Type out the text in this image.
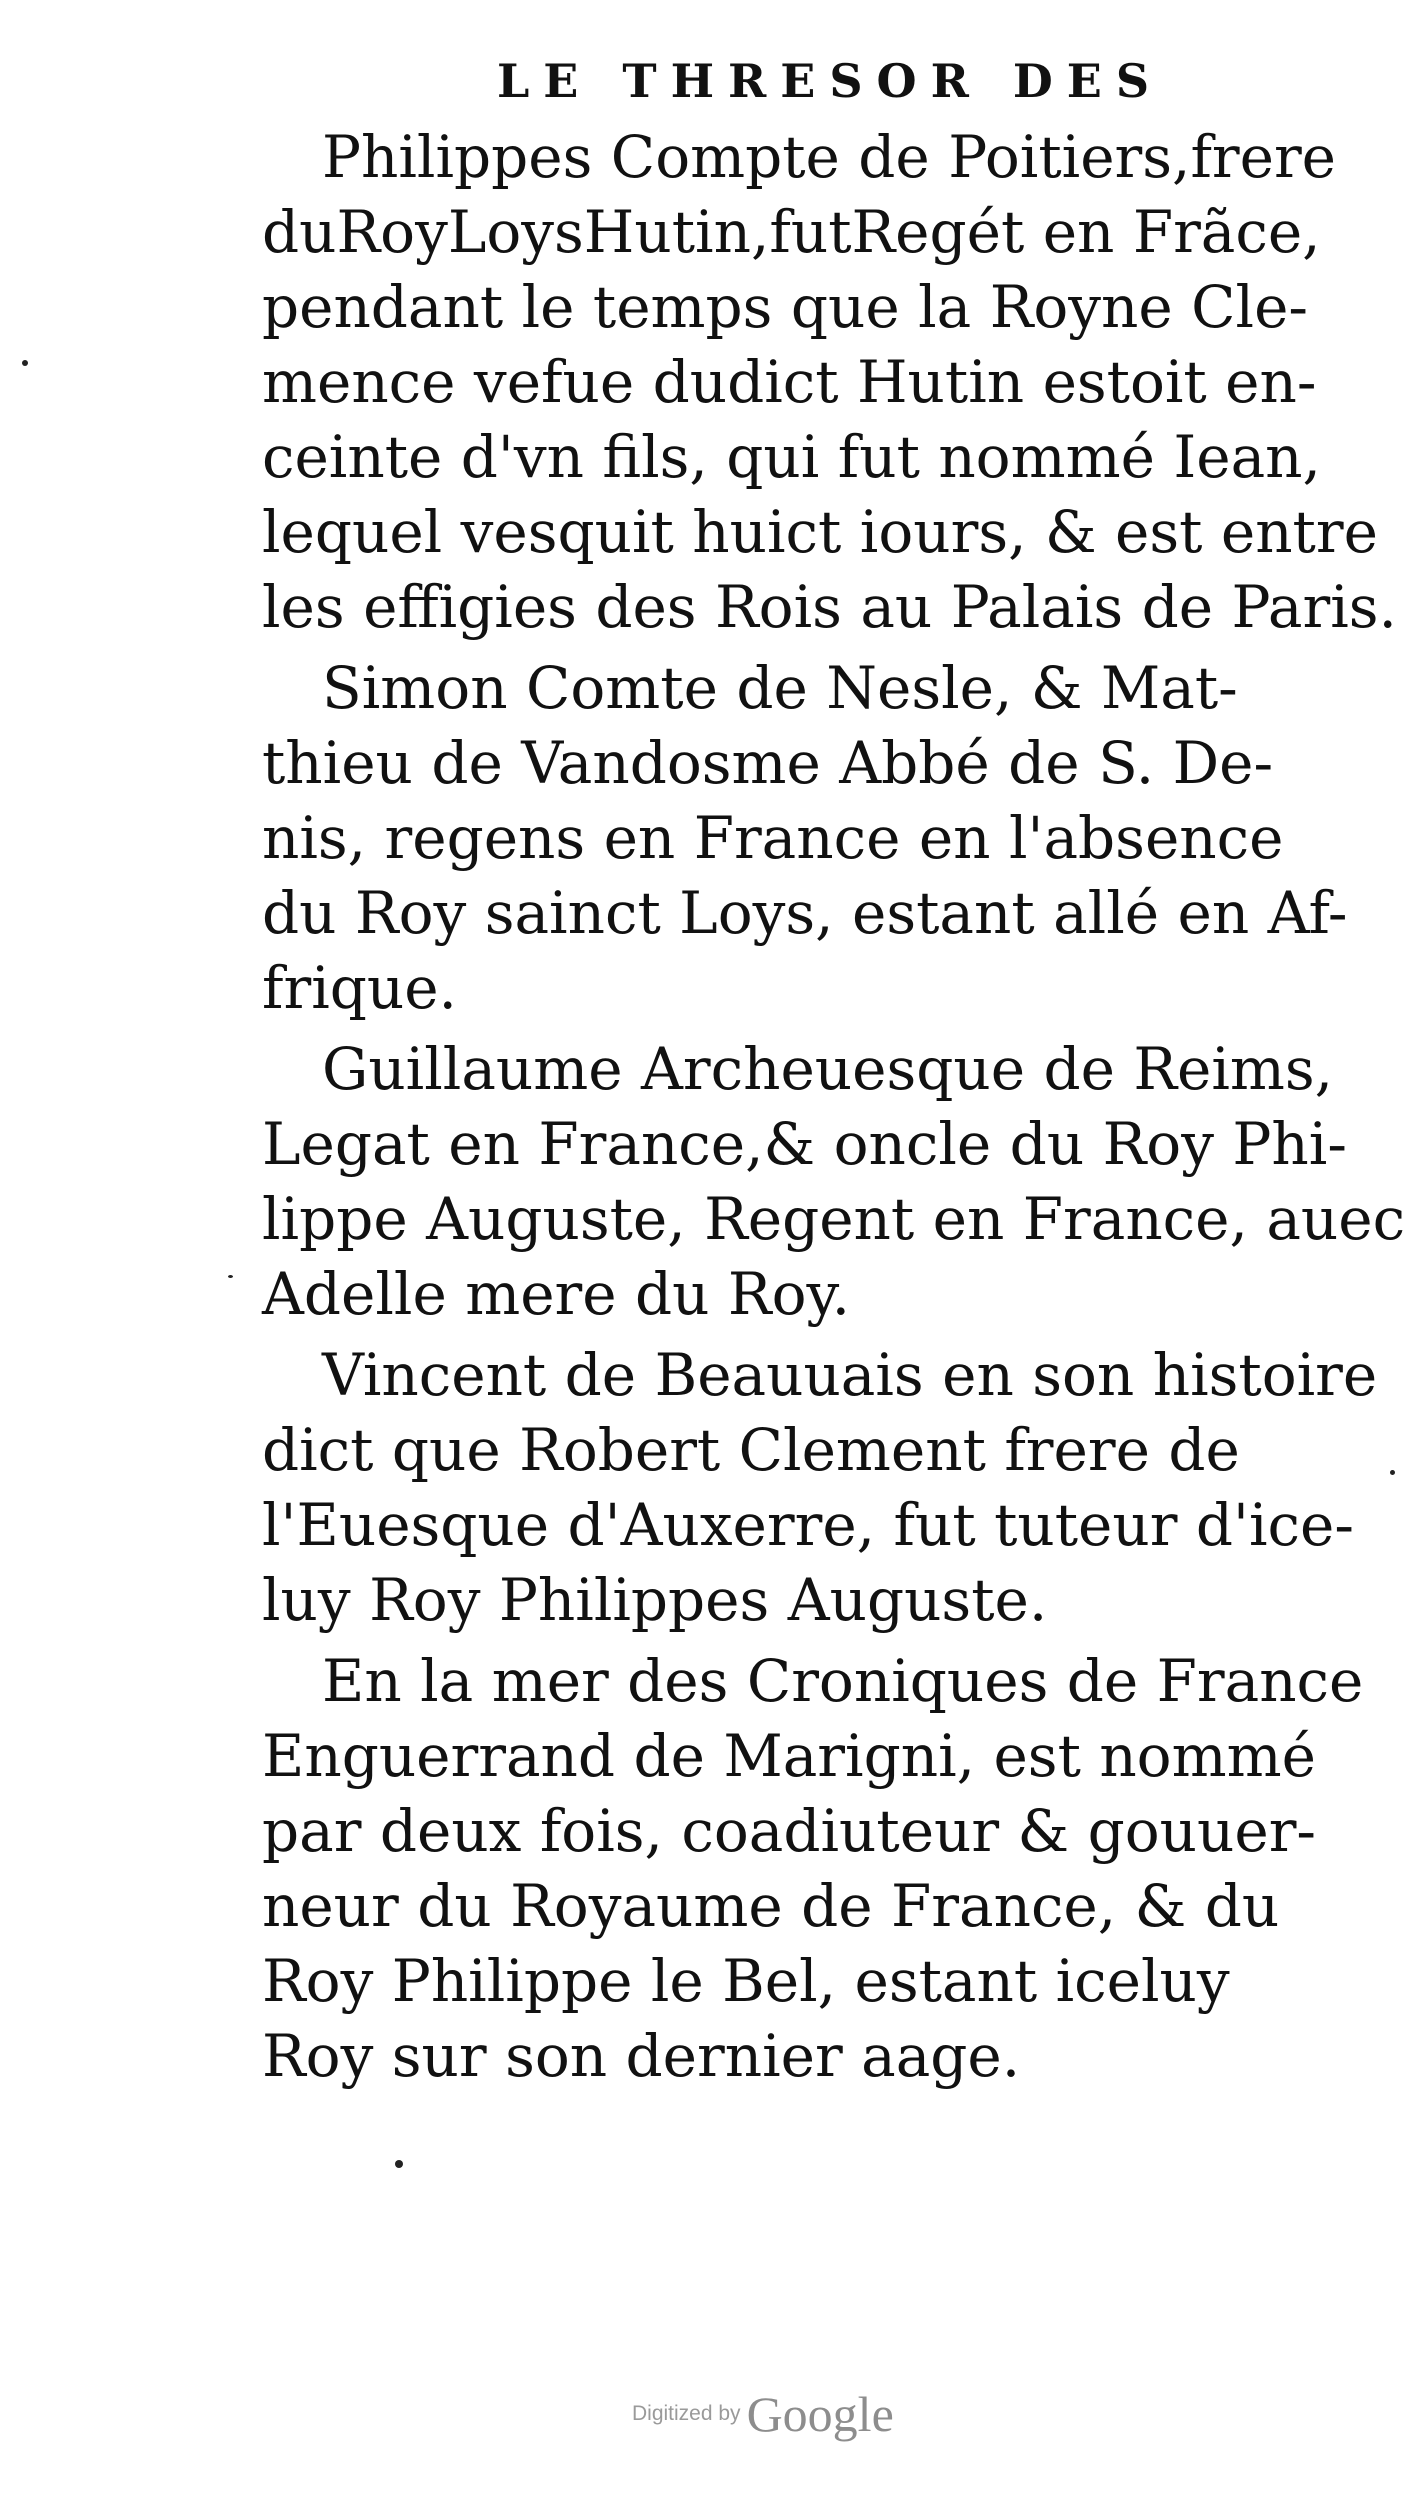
LE THRESOR DES
Philippes Compte de Poitiers,frere
duRoyLoysHutin,futRegét en Frãce,
pendant le temps que la Royne Cle-
mence vefue dudict Hutin estoit en-
ceinte d'vn fils, qui fut nommé Iean,
lequel vesquit huict iours, & est entre
les effigies des Rois au Palais de Paris.
Simon Comte de Nesle, & Mat-
thieu de Vandosme Abbé de S. De-
nis, regens en France en l'absence
du Roy sainct Loys, estant allé en Af-
frique.
Guillaume Archeuesque de Reims,
Legat en France,& oncle du Roy Phi-
lippe Auguste, Regent en France, auec
Adelle mere du Roy.
Vincent de Beauuais en son histoire
dict que Robert Clement frere de
l'Euesque d'Auxerre, fut tuteur d'ice-
luy Roy Philippes Auguste.
En la mer des Croniques de France
Enguerrand de Marigni, est nommé
par deux fois, coadiuteur & gouuer-
neur du Royaume de France, & du
Roy Philippe le Bel, estant iceluy
Roy sur son dernier aage.
Digitized by Google
